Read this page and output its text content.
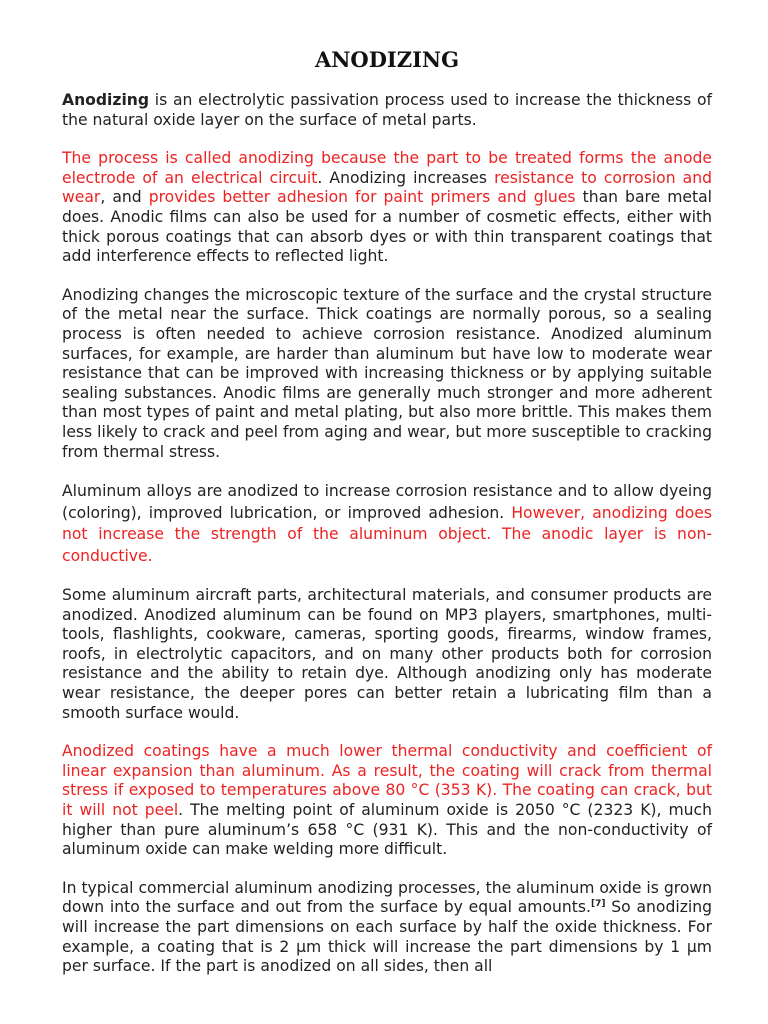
ANODIZING

Anodizing is an electrolytic passivation process used to increase the thickness of the natural oxide layer on the surface of metal parts.

The process is called anodizing because the part to be treated forms the anode electrode of an electrical circuit. Anodizing increases resistance to corrosion and wear, and provides better adhesion for paint primers and glues than bare metal does. Anodic films can also be used for a number of cosmetic effects, either with thick porous coatings that can absorb dyes or with thin transparent coatings that add interference effects to reflected light.

Anodizing changes the microscopic texture of the surface and the crystal structure of the metal near the surface. Thick coatings are normally porous, so a sealing process is often needed to achieve corrosion resistance. Anodized aluminum surfaces, for example, are harder than aluminum but have low to moderate wear resistance that can be improved with increasing thickness or by applying suitable sealing substances. Anodic films are generally much stronger and more adherent than most types of paint and metal plating, but also more brittle. This makes them less likely to crack and peel from aging and wear, but more susceptible to cracking from thermal stress.

Aluminum alloys are anodized to increase corrosion resistance and to allow dyeing (coloring), improved lubrication, or improved adhesion. However, anodizing does not increase the strength of the aluminum object. The anodic layer is non-conductive.

Some aluminum aircraft parts, architectural materials, and consumer products are anodized. Anodized aluminum can be found on MP3 players, smartphones, multi-tools, flashlights, cookware, cameras, sporting goods, firearms, window frames, roofs, in electrolytic capacitors, and on many other products both for corrosion resistance and the ability to retain dye. Although anodizing only has moderate wear resistance, the deeper pores can better retain a lubricating film than a smooth surface would.

Anodized coatings have a much lower thermal conductivity and coefficient of linear expansion than aluminum. As a result, the coating will crack from thermal stress if exposed to temperatures above 80 °C (353 K). The coating can crack, but it will not peel. The melting point of aluminum oxide is 2050 °C (2323 K), much higher than pure aluminum’s 658 °C (931 K). This and the non-conductivity of aluminum oxide can make welding more difficult.

In typical commercial aluminum anodizing processes, the aluminum oxide is grown down into the surface and out from the surface by equal amounts.[7] So anodizing will increase the part dimensions on each surface by half the oxide thickness. For example, a coating that is 2 µm thick will increase the part dimensions by 1 µm per surface. If the part is anodized on all sides, then all
